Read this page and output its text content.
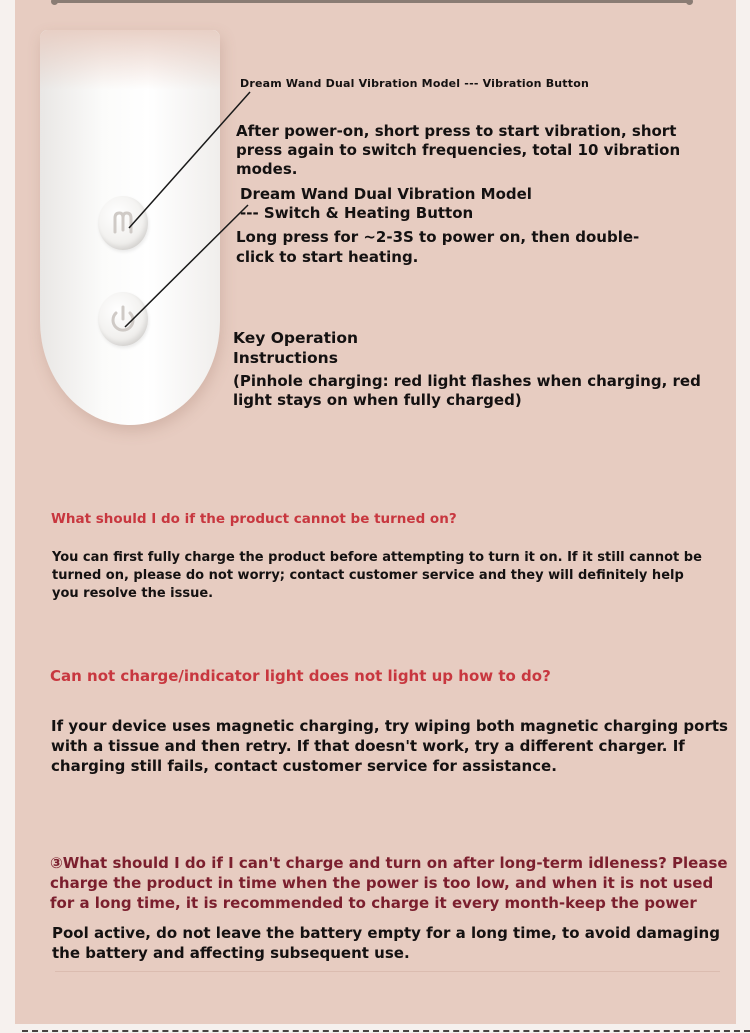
Dream Wand Dual Vibration Model --- Vibration Button

After power-on, short press to start vibration, short press again to switch frequencies, total 10 vibration modes.

Dream Wand Dual Vibration Model --- Switch & Heating Button

Long press for ~2-3S to power on, then double-click to start heating.

Key Operation Instructions

(Pinhole charging: red light flashes when charging, red light stays on when fully charged)

What should I do if the product cannot be turned on?

You can first fully charge the product before attempting to turn it on. If it still cannot be turned on, please do not worry; contact customer service and they will definitely help you resolve the issue.

Can not charge/indicator light does not light up how to do?

If your device uses magnetic charging, try wiping both magnetic charging ports with a tissue and then retry. If that doesn't work, try a different charger. If charging still fails, contact customer service for assistance.

③What should I do if I can't charge and turn on after long-term idleness? Please charge the product in time when the power is too low, and when it is not used for a long time, it is recommended to charge it every month-keep the power

Pool active, do not leave the battery empty for a long time, to avoid damaging the battery and affecting subsequent use.
